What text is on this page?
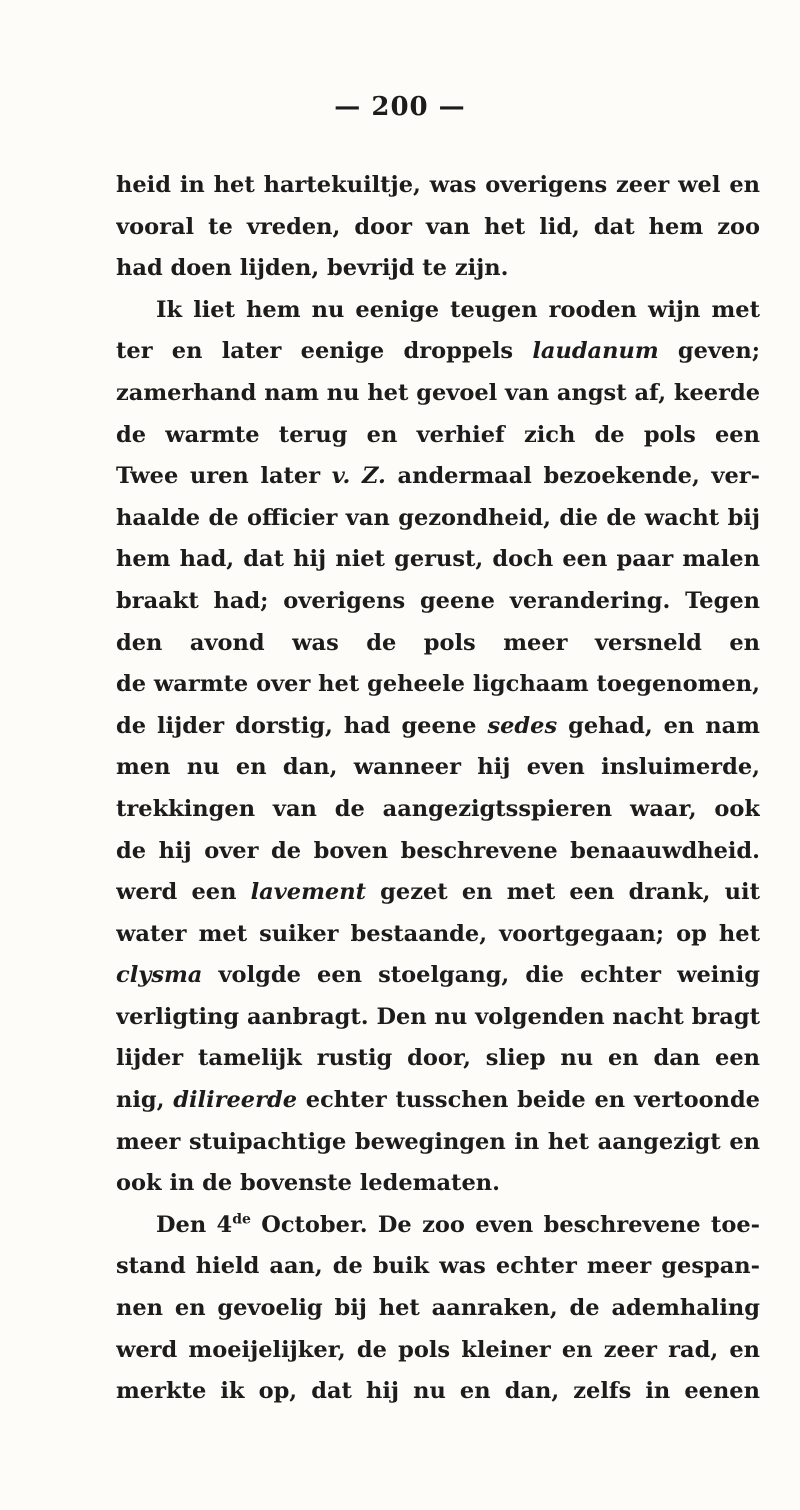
— 200 —
heid in het hartekuiltje, was overigens zeer wel en
vooral te vreden, door van het lid, dat hem zoo
had doen lijden, bevrijd te zijn.
Ik liet hem nu eenige teugen rooden wijn met
ter en later eenige droppels laudanum geven;
zamerhand nam nu het gevoel van angst af, keerde
de warmte terug en verhief zich de pols een
Twee uren later v. Z. andermaal bezoekende, ver-
haalde de officier van gezondheid, die de wacht bij
hem had, dat hij niet gerust, doch een paar malen
braakt had; overigens geene verandering. Tegen
den avond was de pols meer versneld en
de warmte over het geheele ligchaam toegenomen,
de lijder dorstig, had geene sedes gehad, en nam
men nu en dan, wanneer hij even insluimerde,
trekkingen van de aangezigtsspieren waar, ook
de hij over de boven beschrevene benaauwdheid.
werd een lavement gezet en met een drank, uit
water met suiker bestaande, voortgegaan; op het
clysma volgde een stoelgang, die echter weinig
verligting aanbragt. Den nu volgenden nacht bragt
lijder tamelijk rustig door, sliep nu en dan een
nig, dilireerde echter tusschen beide en vertoonde
meer stuipachtige bewegingen in het aangezigt en
ook in de bovenste ledematen.
Den 4de October. De zoo even beschrevene toe-
stand hield aan, de buik was echter meer gespan-
nen en gevoelig bij het aanraken, de ademhaling
werd moeijelijker, de pols kleiner en zeer rad, en
merkte ik op, dat hij nu en dan, zelfs in eenen
